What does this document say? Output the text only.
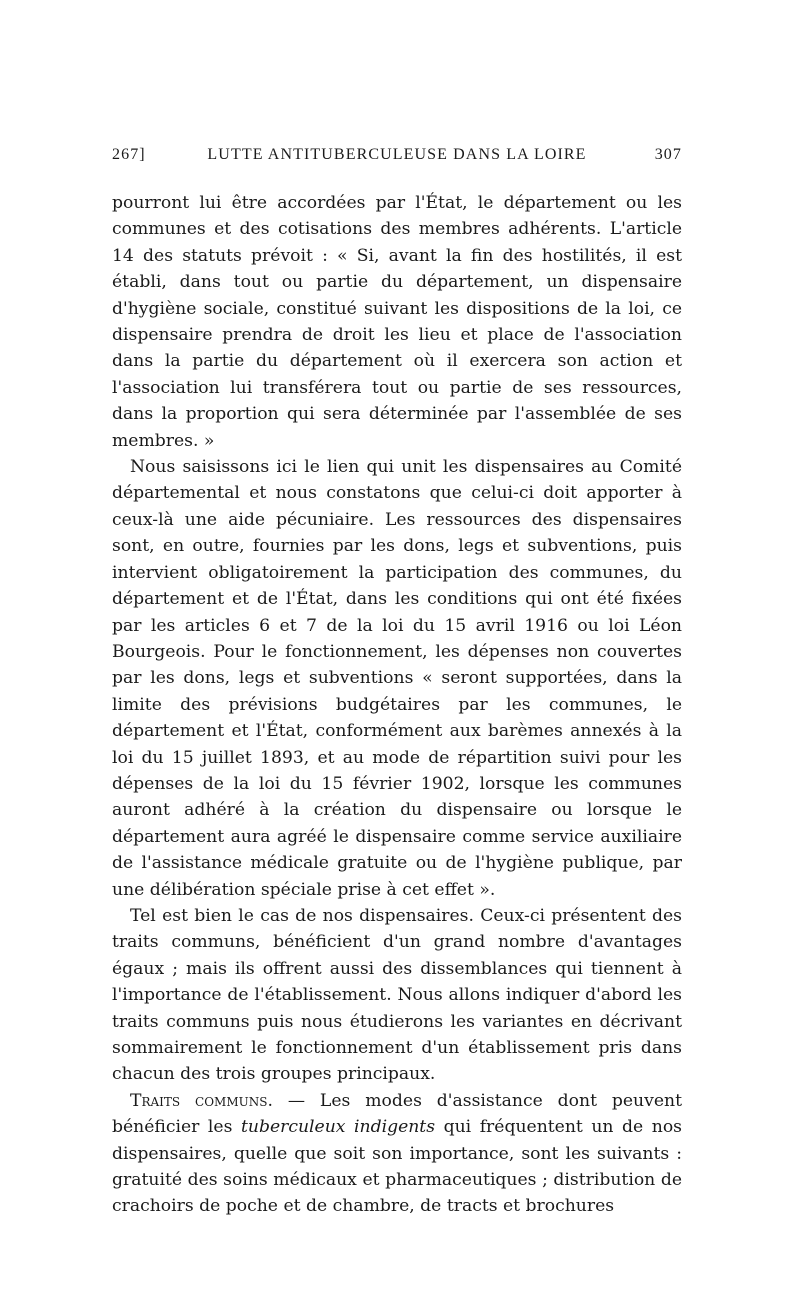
267]	LUTTE ANTITUBERCULEUSE DANS LA LOIRE	307

pourront lui être accordées par l'État, le département ou les communes et des cotisations des membres adhérents. L'article 14 des statuts prévoit : « Si, avant la fin des hostilités, il est établi, dans tout ou partie du département, un dispensaire d'hygiène sociale, constitué suivant les dispositions de la loi, ce dispensaire prendra de droit les lieu et place de l'association dans la partie du département où il exercera son action et l'association lui transférera tout ou partie de ses ressources, dans la proportion qui sera déterminée par l'assemblée de ses membres. »

Nous saisissons ici le lien qui unit les dispensaires au Comité départemental et nous constatons que celui-ci doit apporter à ceux-là une aide pécuniaire. Les ressources des dispensaires sont, en outre, fournies par les dons, legs et subventions, puis intervient obligatoirement la participation des communes, du département et de l'État, dans les conditions qui ont été fixées par les articles 6 et 7 de la loi du 15 avril 1916 ou loi Léon Bourgeois. Pour le fonctionnement, les dépenses non couvertes par les dons, legs et subventions « seront supportées, dans la limite des prévisions budgétaires par les communes, le département et l'État, conformément aux barèmes annexés à la loi du 15 juillet 1893, et au mode de répartition suivi pour les dépenses de la loi du 15 février 1902, lorsque les communes auront adhéré à la création du dispensaire ou lorsque le département aura agréé le dispensaire comme service auxiliaire de l'assistance médicale gratuite ou de l'hygiène publique, par une délibération spéciale prise à cet effet ».

Tel est bien le cas de nos dispensaires. Ceux-ci présentent des traits communs, bénéficient d'un grand nombre d'avantages égaux ; mais ils offrent aussi des dissemblances qui tiennent à l'importance de l'établissement. Nous allons indiquer d'abord les traits communs puis nous étudierons les variantes en décrivant sommairement le fonctionnement d'un établissement pris dans chacun des trois groupes principaux.

Traits communs. — Les modes d'assistance dont peuvent bénéficier les tuberculeux indigents qui fréquentent un de nos dispensaires, quelle que soit son importance, sont les suivants : gratuité des soins médicaux et pharmaceutiques ; distribution de crachoirs de poche et de chambre, de tracts et brochures
